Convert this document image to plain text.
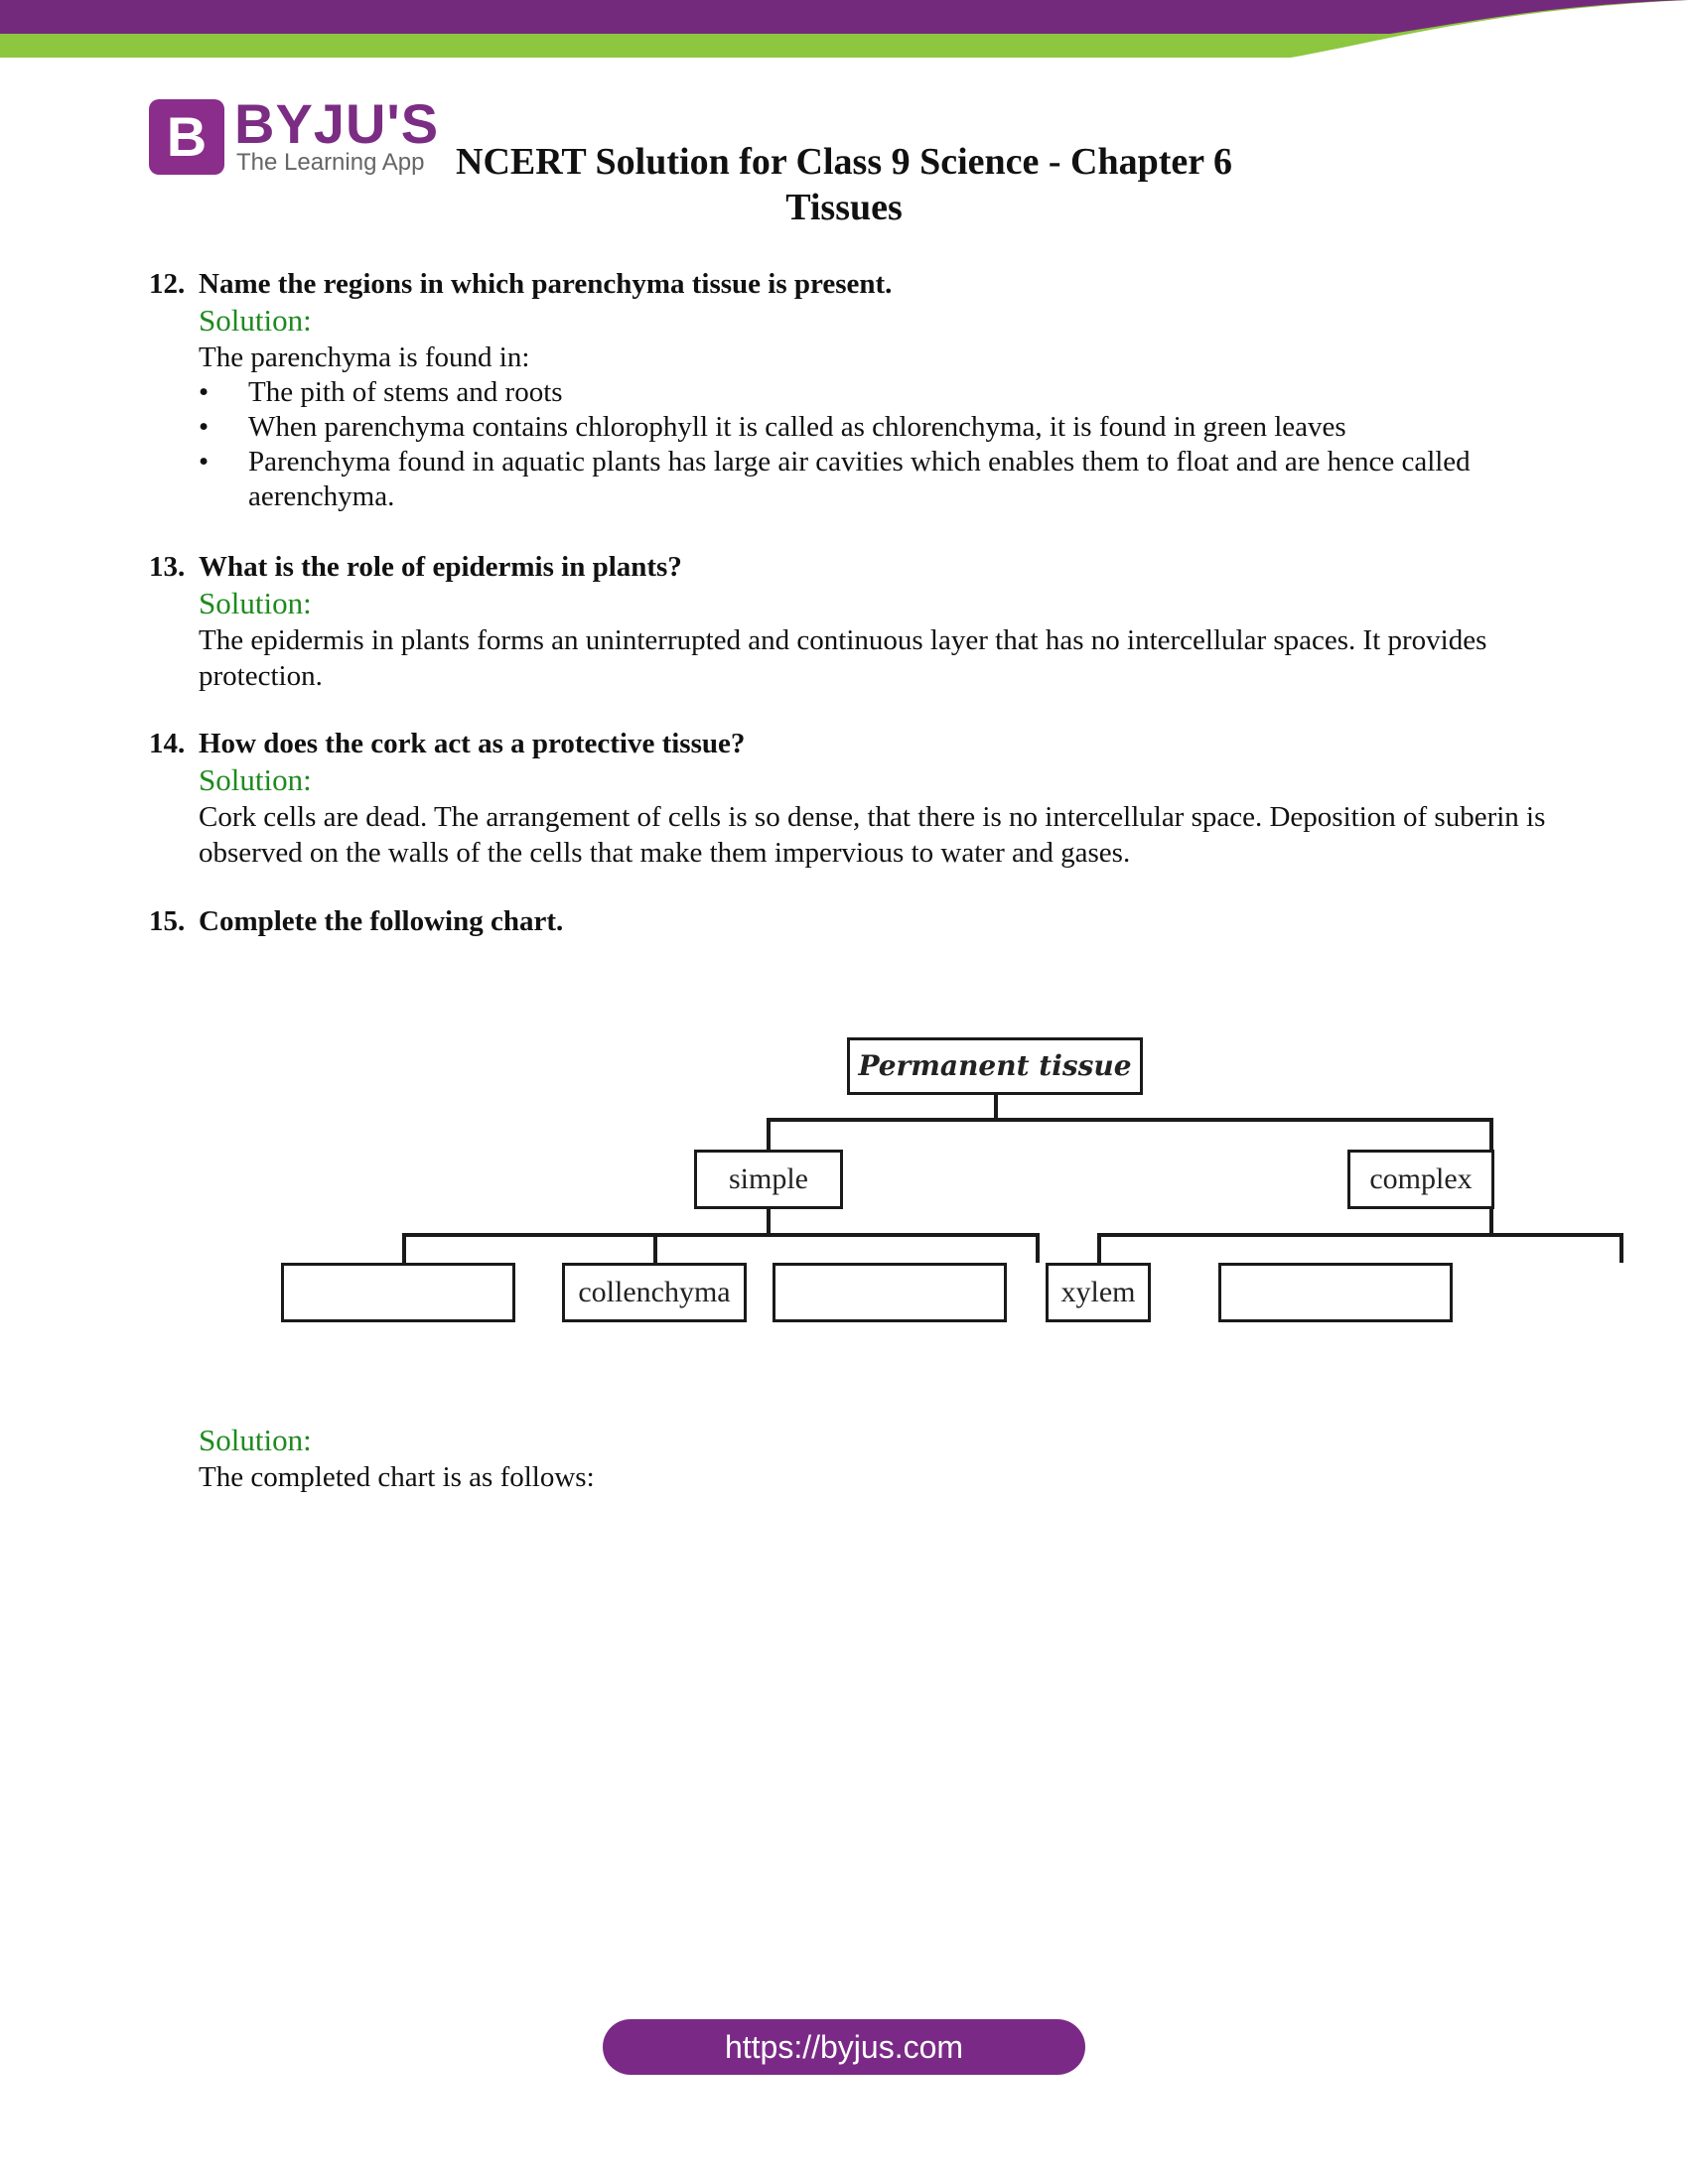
B BYJU'S
The Learning App NCERT Solution for Class 9 Science - Chapter 6
Tissues
12. Name the regions in which parenchyma tissue is present.
Solution:
The parenchyma is found in:
• The pith of stems and roots
• When parenchyma contains chlorophyll it is called as chlorenchyma, it is found in green leaves
• Parenchyma found in aquatic plants has large air cavities which enables them to float and are hence called aerenchyma.
13. What is the role of epidermis in plants?
Solution:
The epidermis in plants forms an uninterrupted and continuous layer that has no intercellular spaces. It provides protection.
14. How does the cork act as a protective tissue?
Solution:
Cork cells are dead. The arrangement of cells is so dense, that there is no intercellular space. Deposition of suberin is observed on the walls of the cells that make them impervious to water and gases.
15. Complete the following chart.
Permanent tissue
simple	complex
collenchyma	xylem
Solution:
The completed chart is as follows:
https://byjus.com
